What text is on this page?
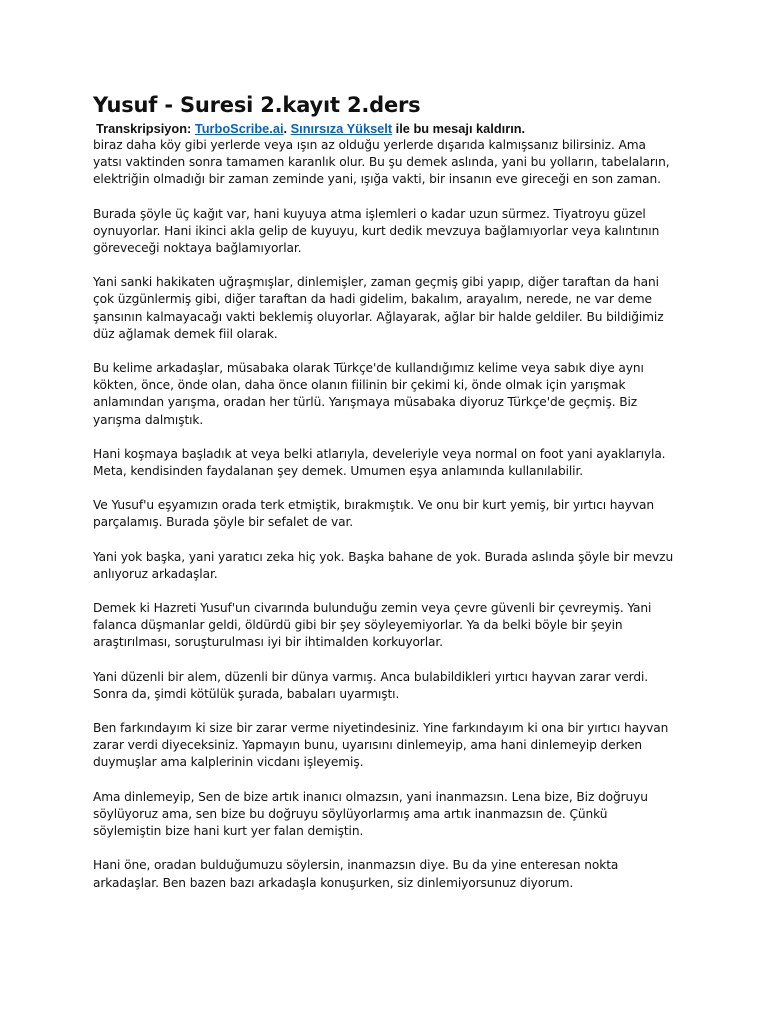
Yusuf - Suresi 2.kayıt 2.ders

Transkripsiyon: TurboScribe.ai. Sınırsıza Yükselt ile bu mesajı kaldırın.

biraz daha köy gibi yerlerde veya ışın az olduğu yerlerde dışarıda kalmışsanız bilirsiniz. Ama yatsı vaktinden sonra tamamen karanlık olur. Bu şu demek aslında, yani bu yolların, tabelaların, elektriğin olmadığı bir zaman zeminde yani, ışığa vakti, bir insanın eve gireceği en son zaman.

Burada şöyle üç kağıt var, hani kuyuya atma işlemleri o kadar uzun sürmez. Tiyatroyu güzel oynuyorlar. Hani ikinci akla gelip de kuyuyu, kurt dedik mevzuya bağlamıyorlar veya kalıntının göreveceği noktaya bağlamıyorlar.

Yani sanki hakikaten uğraşmışlar, dinlemişler, zaman geçmiş gibi yapıp, diğer taraftan da hani çok üzgünlermiş gibi, diğer taraftan da hadi gidelim, bakalım, arayalım, nerede, ne var deme şansının kalmayacağı vakti beklemiş oluyorlar. Ağlayarak, ağlar bir halde geldiler. Bu bildiğimiz düz ağlamak demek fiil olarak.

Bu kelime arkadaşlar, müsabaka olarak Türkçe'de kullandığımız kelime veya sabık diye aynı kökten, önce, önde olan, daha önce olanın fiilinin bir çekimi ki, önde olmak için yarışmak anlamından yarışma, oradan her türlü. Yarışmaya müsabaka diyoruz Türkçe'de geçmiş. Biz yarışma dalmıştık.

Hani koşmaya başladık at veya belki atlarıyla, develeriyle veya normal on foot yani ayaklarıyla. Meta, kendisinden faydalanan şey demek. Umumen eşya anlamında kullanılabilir.

Ve Yusuf'u eşyamızın orada terk etmiştik, bırakmıştık. Ve onu bir kurt yemiş, bir yırtıcı hayvan parçalamış. Burada şöyle bir sefalet de var.

Yani yok başka, yani yaratıcı zeka hiç yok. Başka bahane de yok. Burada aslında şöyle bir mevzu anlıyoruz arkadaşlar.

Demek ki Hazreti Yusuf'un civarında bulunduğu zemin veya çevre güvenli bir çevreymiş. Yani falanca düşmanlar geldi, öldürdü gibi bir şey söyleyemiyorlar. Ya da belki böyle bir şeyin araştırılması, soruşturulması iyi bir ihtimalden korkuyorlar.

Yani düzenli bir alem, düzenli bir dünya varmış. Anca bulabildikleri yırtıcı hayvan zarar verdi. Sonra da, şimdi kötülük şurada, babaları uyarmıştı.

Ben farkındayım ki size bir zarar verme niyetindesiniz. Yine farkındayım ki ona bir yırtıcı hayvan zarar verdi diyeceksiniz. Yapmayın bunu, uyarısını dinlemeyip, ama hani dinlemeyip derken duymuşlar ama kalplerinin vicdanı işleyemiş.

Ama dinlemeyip, Sen de bize artık inanıcı olmazsın, yani inanmazsın. Lena bize, Biz doğruyu söylüyoruz ama, sen bize bu doğruyu söylüyorlarmış ama artık inanmazsın de. Çünkü söylemiştin bize hani kurt yer falan demiştin.

Hani öne, oradan bulduğumuzu söylersin, inanmazsın diye. Bu da yine enteresan nokta arkadaşlar. Ben bazen bazı arkadaşla konuşurken, siz dinlemiyorsunuz diyorum.
